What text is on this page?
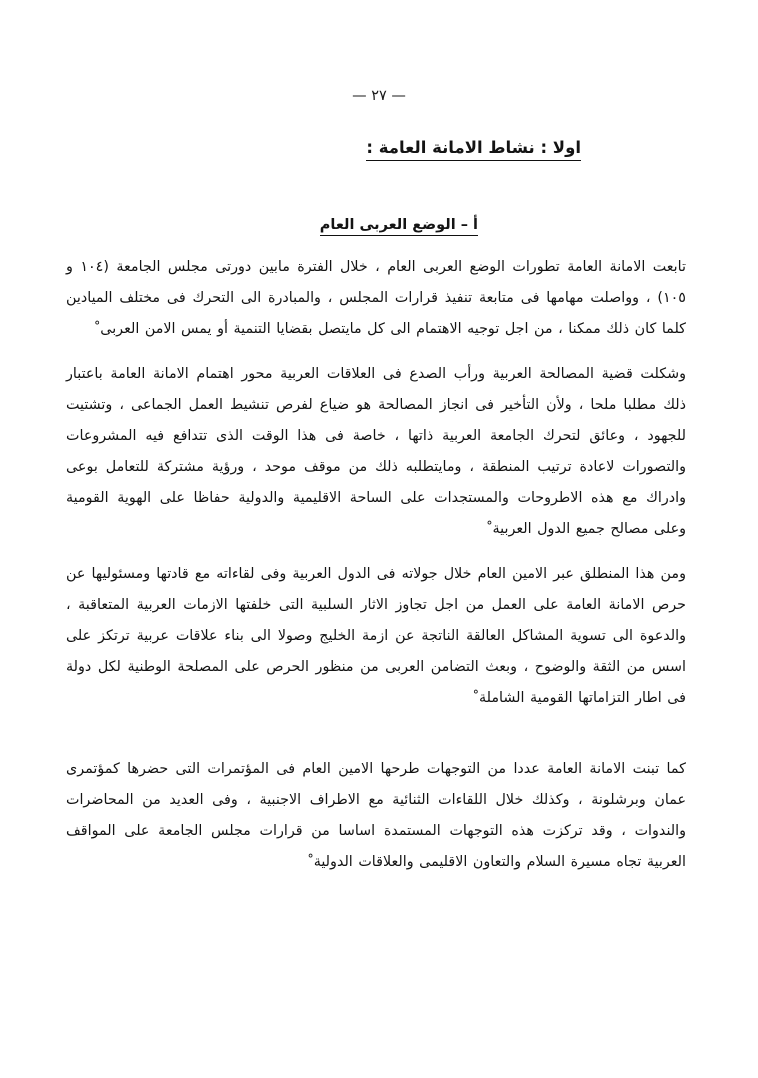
— ٢٧ —
اولا : نشاط الامانة العامة :
أ – الوضع العربى العام

تابعت الامانة العامة تطورات الوضع العربى العام ، خلال الفترة مابين دورتى مجلس الجامعة (١٠٤ و ١٠٥) ، وواصلت مهامها فى متابعة تنفيذ قرارات المجلس ، والمبادرة الى التحرك فى مختلف الميادين كلما كان ذلك ممكنا ، من اجل توجيه الاهتمام الى كل مايتصل بقضايا التنمية أو يمس الامن العربى ْ

وشكلت قضية المصالحة العربية ورأب الصدع فى العلاقات العربية محور اهتمام الامانة العامة باعتبار ذلك مطلبا ملحا ، ولأن التأخير فى انجاز المصالحة هو ضياع لفرص تنشيط العمل الجماعى ، وتشتيت للجهود ، وعائق لتحرك الجامعة العربية ذاتها ، خاصة فى هذا الوقت الذى تتدافع فيه المشروعات والتصورات لاعادة ترتيب المنطقة ، ومايتطلبه ذلك من موقف موحد ، ورؤية مشتركة للتعامل بوعى وادراك مع هذه الاطروحات والمستجدات على الساحة الاقليمية والدولية حفاظا على الهوية القومية وعلى مصالح جميع الدول العربية ْ

ومن هذا المنطلق عبر الامين العام خلال جولاته فى الدول العربية وفى لقاءاته مع قادتها ومسئوليها عن حرص الامانة العامة على العمل من اجل تجاوز الاثار السلبية التى خلفتها الازمات العربية المتعاقبة ، والدعوة الى تسوية المشاكل العالقة الناتجة عن ازمة الخليج وصولا الى بناء علاقات عربية ترتكز على اسس من الثقة والوضوح ، وبعث التضامن العربى من منظور الحرص على المصلحة الوطنية لكل دولة فى اطار التزاماتها القومية الشاملة ْ

كما تبنت الامانة العامة عددا من التوجهات طرحها الامين العام فى المؤتمرات التى حضرها كمؤتمرى عمان وبرشلونة ، وكذلك خلال اللقاءات الثنائية مع الاطراف الاجنبية ، وفى العديد من المحاضرات والندوات ، وقد تركزت هذه التوجهات المستمدة اساسا من قرارات مجلس الجامعة على المواقف العربية تجاه مسيرة السلام والتعاون الاقليمى والعلاقات الدولية ْ
